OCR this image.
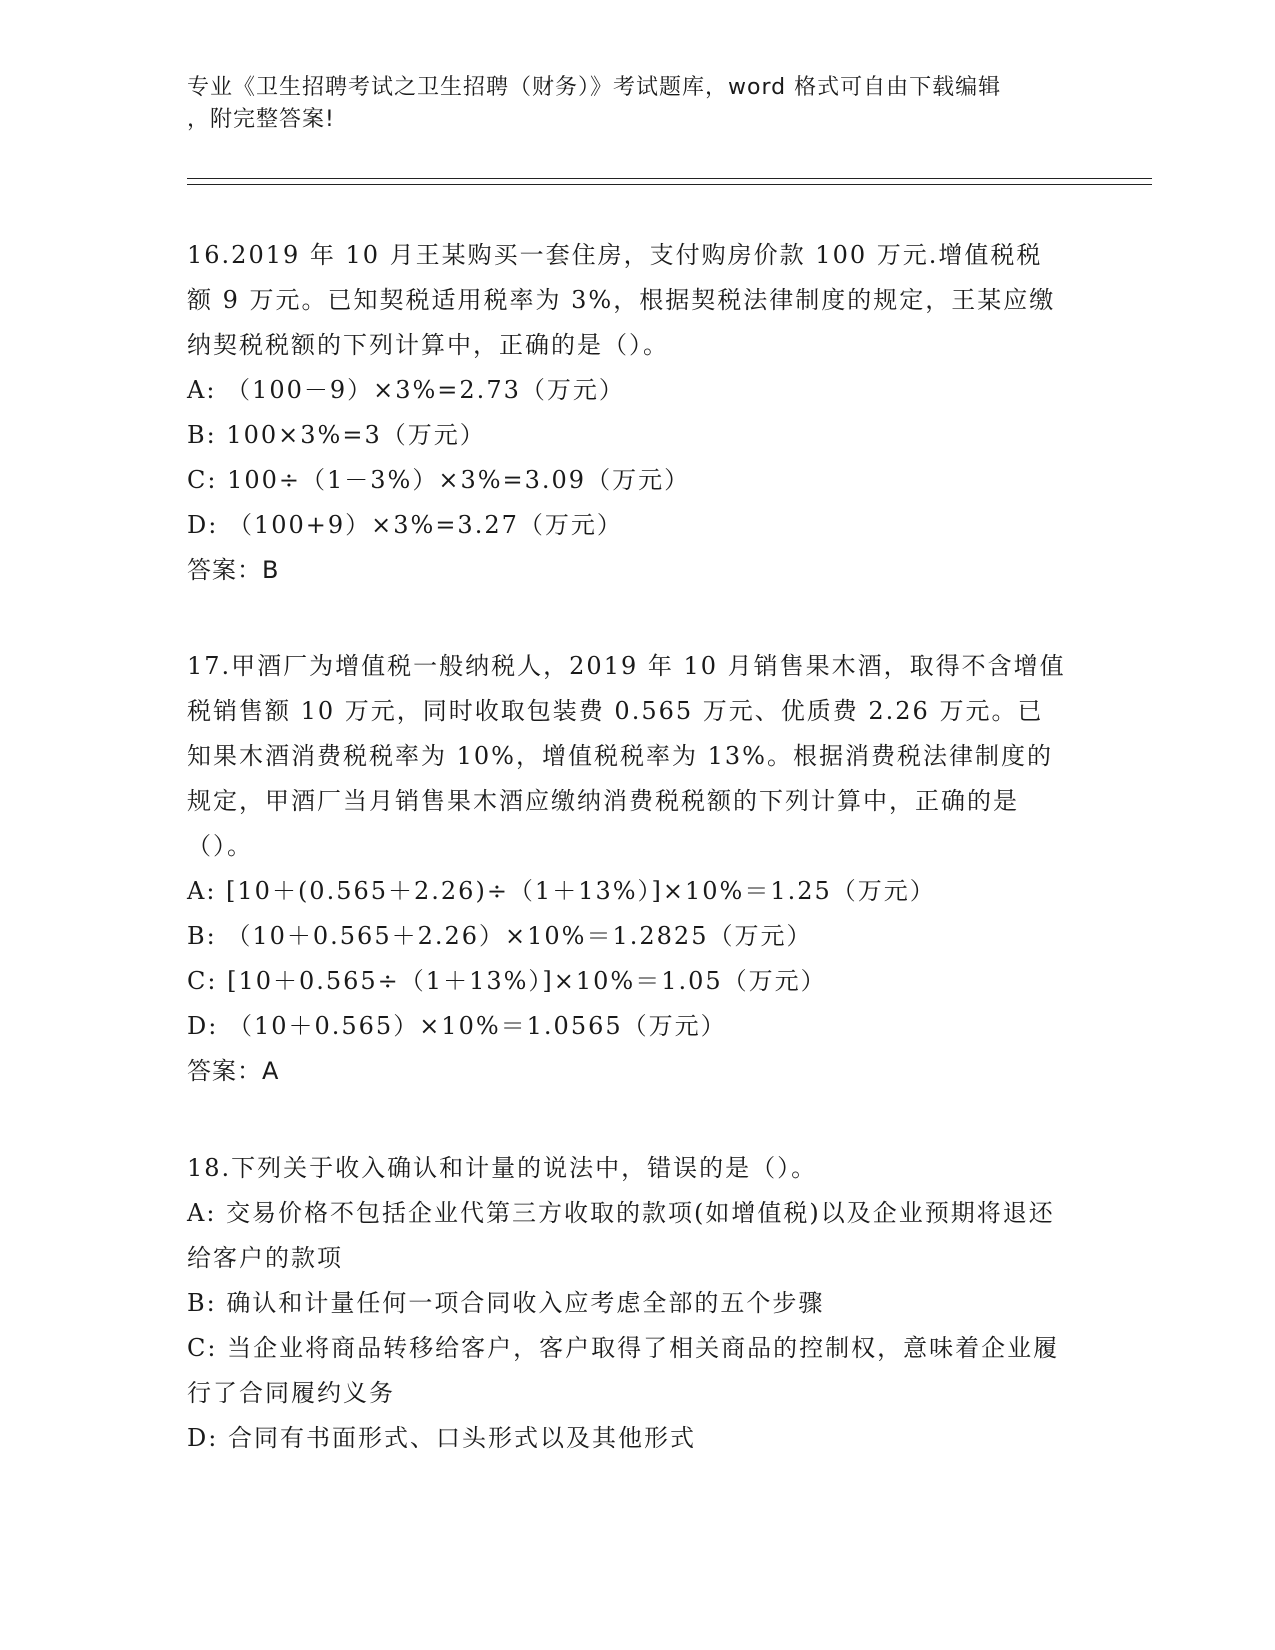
专业《卫生招聘考试之卫生招聘（财务）》考试题库，word 格式可自由下载编辑
，附完整答案!

16.2019 年 10 月王某购买一套住房，支付购房价款 100 万元.增值税税额 9 万元。已知契税适用税率为 3%，根据契税法律制度的规定，王某应缴纳契税税额的下列计算中，正确的是（）。

A: （100－9）×3%=2.73（万元）

B: 100×3%=3（万元）

C: 100÷（1－3%）×3%=3.09（万元）

D: （100+9）×3%=3.27（万元）

答案：B

17.甲酒厂为增值税一般纳税人，2019 年 10 月销售果木酒，取得不含增值税销售额 10 万元，同时收取包装费 0.565 万元、优质费 2.26 万元。已知果木酒消费税税率为 10%，增值税税率为 13%。根据消费税法律制度的规定，甲酒厂当月销售果木酒应缴纳消费税税额的下列计算中，正确的是（）。

A: [10＋(0.565＋2.26)÷（1＋13%）]×10%＝1.25（万元）

B: （10＋0.565＋2.26）×10%＝1.2825（万元）

C: [10＋0.565÷（1＋13%）]×10%＝1.05（万元）

D: （10＋0.565）×10%＝1.0565（万元）

答案：A

18.下列关于收入确认和计量的说法中，错误的是（）。

A: 交易价格不包括企业代第三方收取的款项(如增值税)以及企业预期将退还给客户的款项

B: 确认和计量任何一项合同收入应考虑全部的五个步骤

C: 当企业将商品转移给客户，客户取得了相关商品的控制权，意味着企业履行了合同履约义务

D: 合同有书面形式、口头形式以及其他形式
